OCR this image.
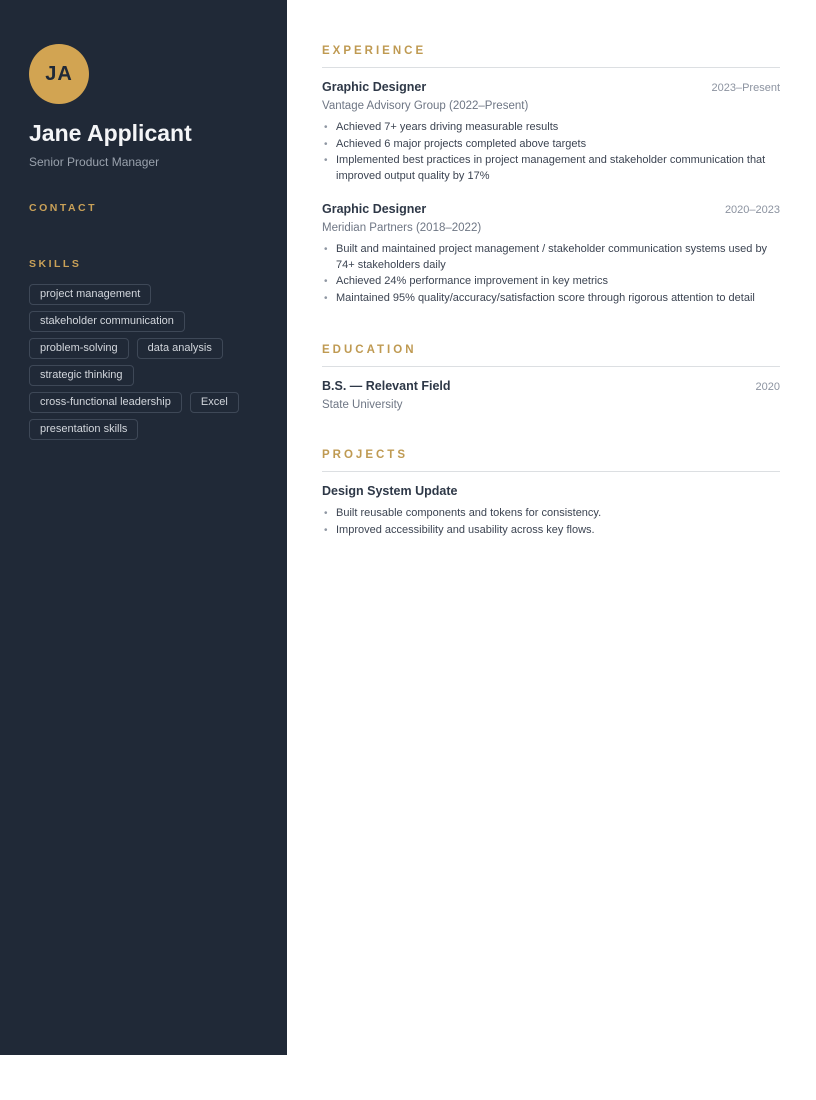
JA
Jane Applicant
Senior Product Manager
CONTACT
SKILLS
project management
stakeholder communication
problem-solving	data analysis
strategic thinking
cross-functional leadership	Excel
presentation skills
EXPERIENCE
Graphic Designer	2023–Present
Vantage Advisory Group (2022–Present)
• Achieved 7+ years driving measurable results
• Achieved 6 major projects completed above targets
• Implemented best practices in project management and stakeholder communication that improved output quality by 17%
Graphic Designer	2020–2023
Meridian Partners (2018–2022)
• Built and maintained project management / stakeholder communication systems used by 74+ stakeholders daily
• Achieved 24% performance improvement in key metrics
• Maintained 95% quality/accuracy/satisfaction score through rigorous attention to detail
EDUCATION
B.S. — Relevant Field	2020
State University
PROJECTS
Design System Update
• Built reusable components and tokens for consistency.
• Improved accessibility and usability across key flows.
